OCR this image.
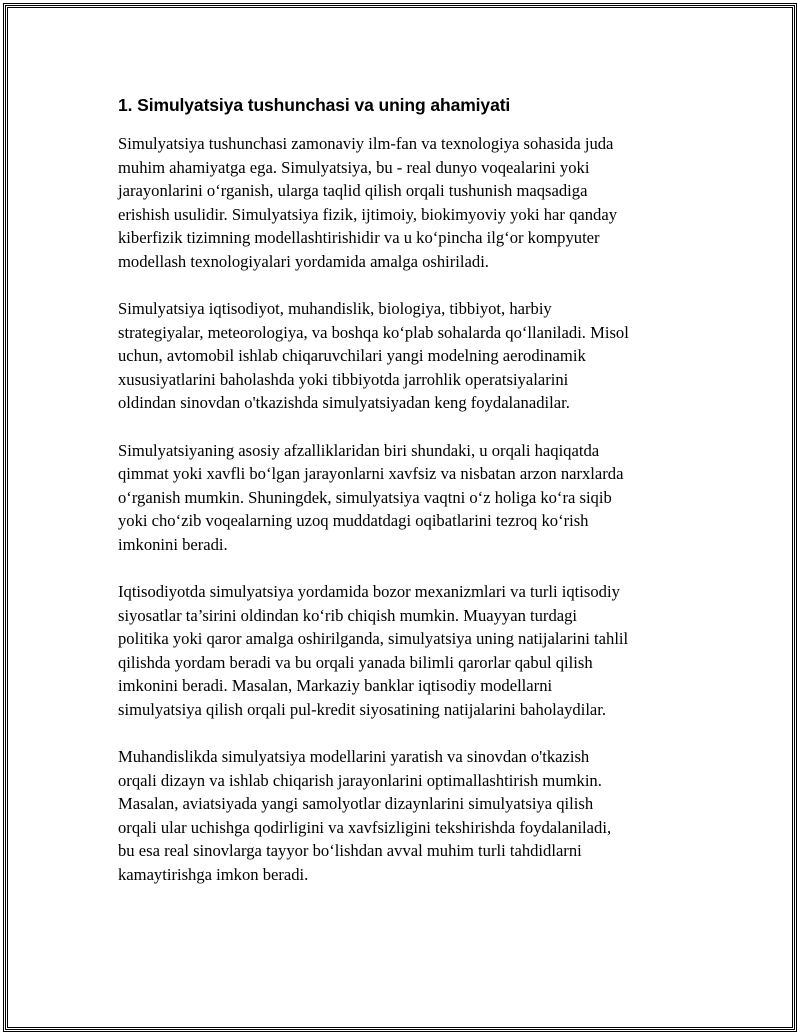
1. Simulyatsiya tushunchasi va uning ahamiyati

Simulyatsiya tushunchasi zamonaviy ilm-fan va texnologiya sohasida juda
muhim ahamiyatga ega. Simulyatsiya, bu - real dunyo voqealarini yoki
jarayonlarini o‘rganish, ularga taqlid qilish orqali tushunish maqsadiga
erishish usulidir. Simulyatsiya fizik, ijtimoiy, biokimyoviy yoki har qanday
kiberfizik tizimning modellashtirishidir va u ko‘pincha ilg‘or kompyuter
modellash texnologiyalari yordamida amalga oshiriladi.

Simulyatsiya iqtisodiyot, muhandislik, biologiya, tibbiyot, harbiy
strategiyalar, meteorologiya, va boshqa ko‘plab sohalarda qo‘llaniladi. Misol
uchun, avtomobil ishlab chiqaruvchilari yangi modelning aerodinamik
xususiyatlarini baholashda yoki tibbiyotda jarrohlik operatsiyalarini
oldindan sinovdan o'tkazishda simulyatsiyadan keng foydalanadilar.

Simulyatsiyaning asosiy afzalliklaridan biri shundaki, u orqali haqiqatda
qimmat yoki xavfli bo‘lgan jarayonlarni xavfsiz va nisbatan arzon narxlarda
o‘rganish mumkin. Shuningdek, simulyatsiya vaqtni o‘z holiga ko‘ra siqib
yoki cho‘zib voqealarning uzoq muddatdagi oqibatlarini tezroq ko‘rish
imkonini beradi.

Iqtisodiyotda simulyatsiya yordamida bozor mexanizmlari va turli iqtisodiy
siyosatlar ta’sirini oldindan ko‘rib chiqish mumkin. Muayyan turdagi
politika yoki qaror amalga oshirilganda, simulyatsiya uning natijalarini tahlil
qilishda yordam beradi va bu orqali yanada bilimli qarorlar qabul qilish
imkonini beradi. Masalan, Markaziy banklar iqtisodiy modellarni
simulyatsiya qilish orqali pul-kredit siyosatining natijalarini baholaydilar.

Muhandislikda simulyatsiya modellarini yaratish va sinovdan o'tkazish
orqali dizayn va ishlab chiqarish jarayonlarini optimallashtirish mumkin.
Masalan, aviatsiyada yangi samolyotlar dizaynlarini simulyatsiya qilish
orqali ular uchishga qodirligini va xavfsizligini tekshirishda foydalaniladi,
bu esa real sinovlarga tayyor bo‘lishdan avval muhim turli tahdidlarni
kamaytirishga imkon beradi.
